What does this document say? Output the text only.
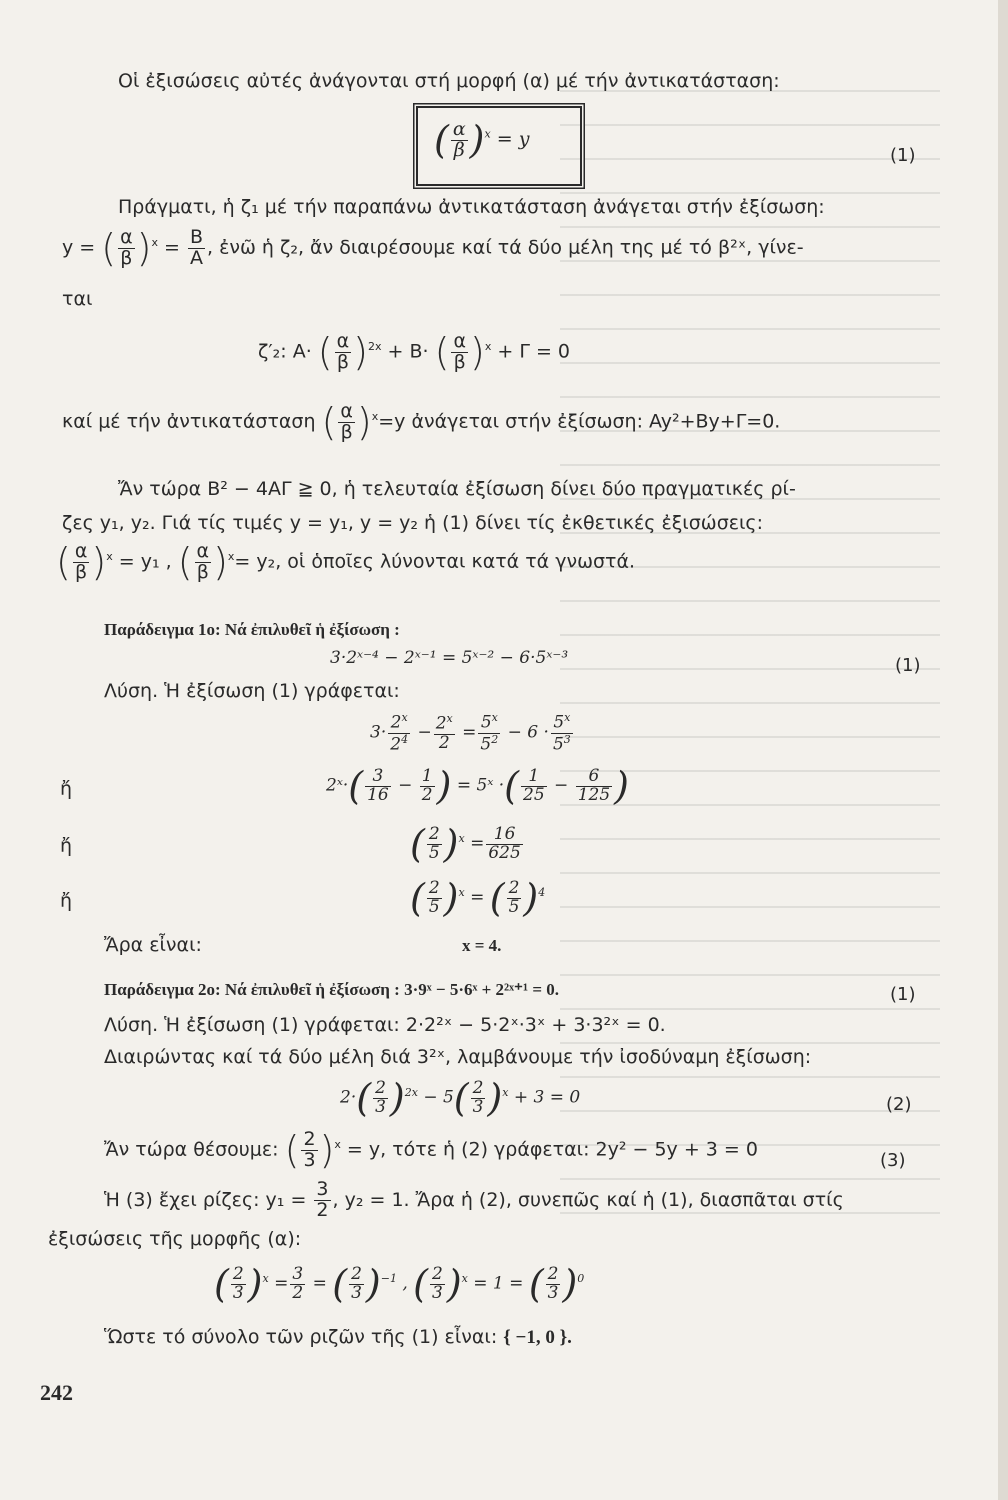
Οἱ ἐξισώσεις αὐτές ἀνάγονται στή μορφή (α) μέ τήν ἀντικατάσταση:
( $\frac{\alpha}{\beta} )^x = y$
(1)
Πράγματι, ἡ ζ₁ μέ τήν παραπάνω ἀντικατάσταση ἀνάγεται στήν ἐξίσωση:
y = ( $\frac{\alpha}{\beta} )^x = \frac{B}{A}$ , ἐνῶ ἡ ζ₂, ἄν διαιρέσουμε καί τά δύο μέλη της μέ τό β²ˣ, γίνε-
ται
ζ′₂: A· ( $\frac{\alpha}{\beta} )^{2x} + B\cdot$ ( $\frac{\alpha}{\beta} )^x + \Gamma = 0$
καί μέ τήν ἀντικατάσταση ( $\frac{\alpha}{\beta} )^x=y$ ἀνάγεται στήν ἐξίσωση: Ay²+By+Γ=0.
Ἄν τώρα B² − 4AΓ ≧ 0, ἡ τελευταία ἐξίσωση δίνει δύο πραγματικές ρί-
ζες y₁, y₂. Γιά τίς τιμές y = y₁, y = y₂ ἡ (1) δίνει τίς ἐκθετικές ἐξισώσεις:
( $\frac{\alpha}{\beta} )^x = y_1$ , ( $\frac{\alpha}{\beta} )^x= y_2$, οἱ ὁποῖες λύνονται κατά τά γνωστά.
Παράδειγμα 1ο: Νά ἐπιλυθεῖ ἡ ἐξίσωση :
3·2ˣ⁻⁴ − 2ˣ⁻¹ = 5ˣ⁻² − 6·5ˣ⁻³	(1)
Λύση. Ἡ ἐξίσωση (1) γράφεται:
$3\cdot \frac{2^x}{2^4} - \frac{2^x}{2} = \frac{5^x}{5^2} - 6 \cdot \frac{5^x}{5^3}$
ἤ	2ˣ·( $\frac{3}{16} - \frac{1}{2}$ ) = 5ˣ ·( $\frac{1}{25} - \frac{6}{125}$ )
ἤ	( $\frac{2}{5} )^x = \frac{16}{625}$
ἤ	( $\frac{2}{5} )^x$ = ( $\frac{2}{5} )^4$
Ἄρα εἶναι:	x = 4.
Παράδειγμα 2ο: Νά ἐπιλυθεῖ ἡ ἐξίσωση : 3·9ˣ − 5·6ˣ + 2²ˣ⁺¹ = 0.	(1)
Λύση. Ἡ ἐξίσωση (1) γράφεται: 2·2²ˣ − 5·2ˣ·3ˣ + 3·3²ˣ = 0.
Διαιρώντας καί τά δύο μέλη διά 3²ˣ, λαμβάνουμε τήν ἰσοδύναμη ἐξίσωση:
$2\cdot( \frac{2}{3} )^{2x} - 5( \frac{2}{3} )^x + 3 = 0$	(2)
Ἄν τώρα θέσουμε: ( $\frac{2}{3} )^x = y$, τότε ἡ (2) γράφεται: 2y² − 5y + 3 = 0	(3)
Ἡ (3) ἔχει ρίζες: $y_1 = \frac{3}{2}$ , y₂ = 1. Ἄρα ἡ (2), συνεπῶς καί ἡ (1), διασπᾶται στίς
ἐξισώσεις τῆς μορφῆς (α):
( $\frac{2}{3} )^x = \frac{3}{2}$ = ( $\frac{2}{3} )^{-1}$ , ( $\frac{2}{3} )^x = 1$ = ( $\frac{2}{3} )^0$
Ὥστε τό σύνολο τῶν ριζῶν τῆς (1) εἶναι: { −1, 0 }.
242
